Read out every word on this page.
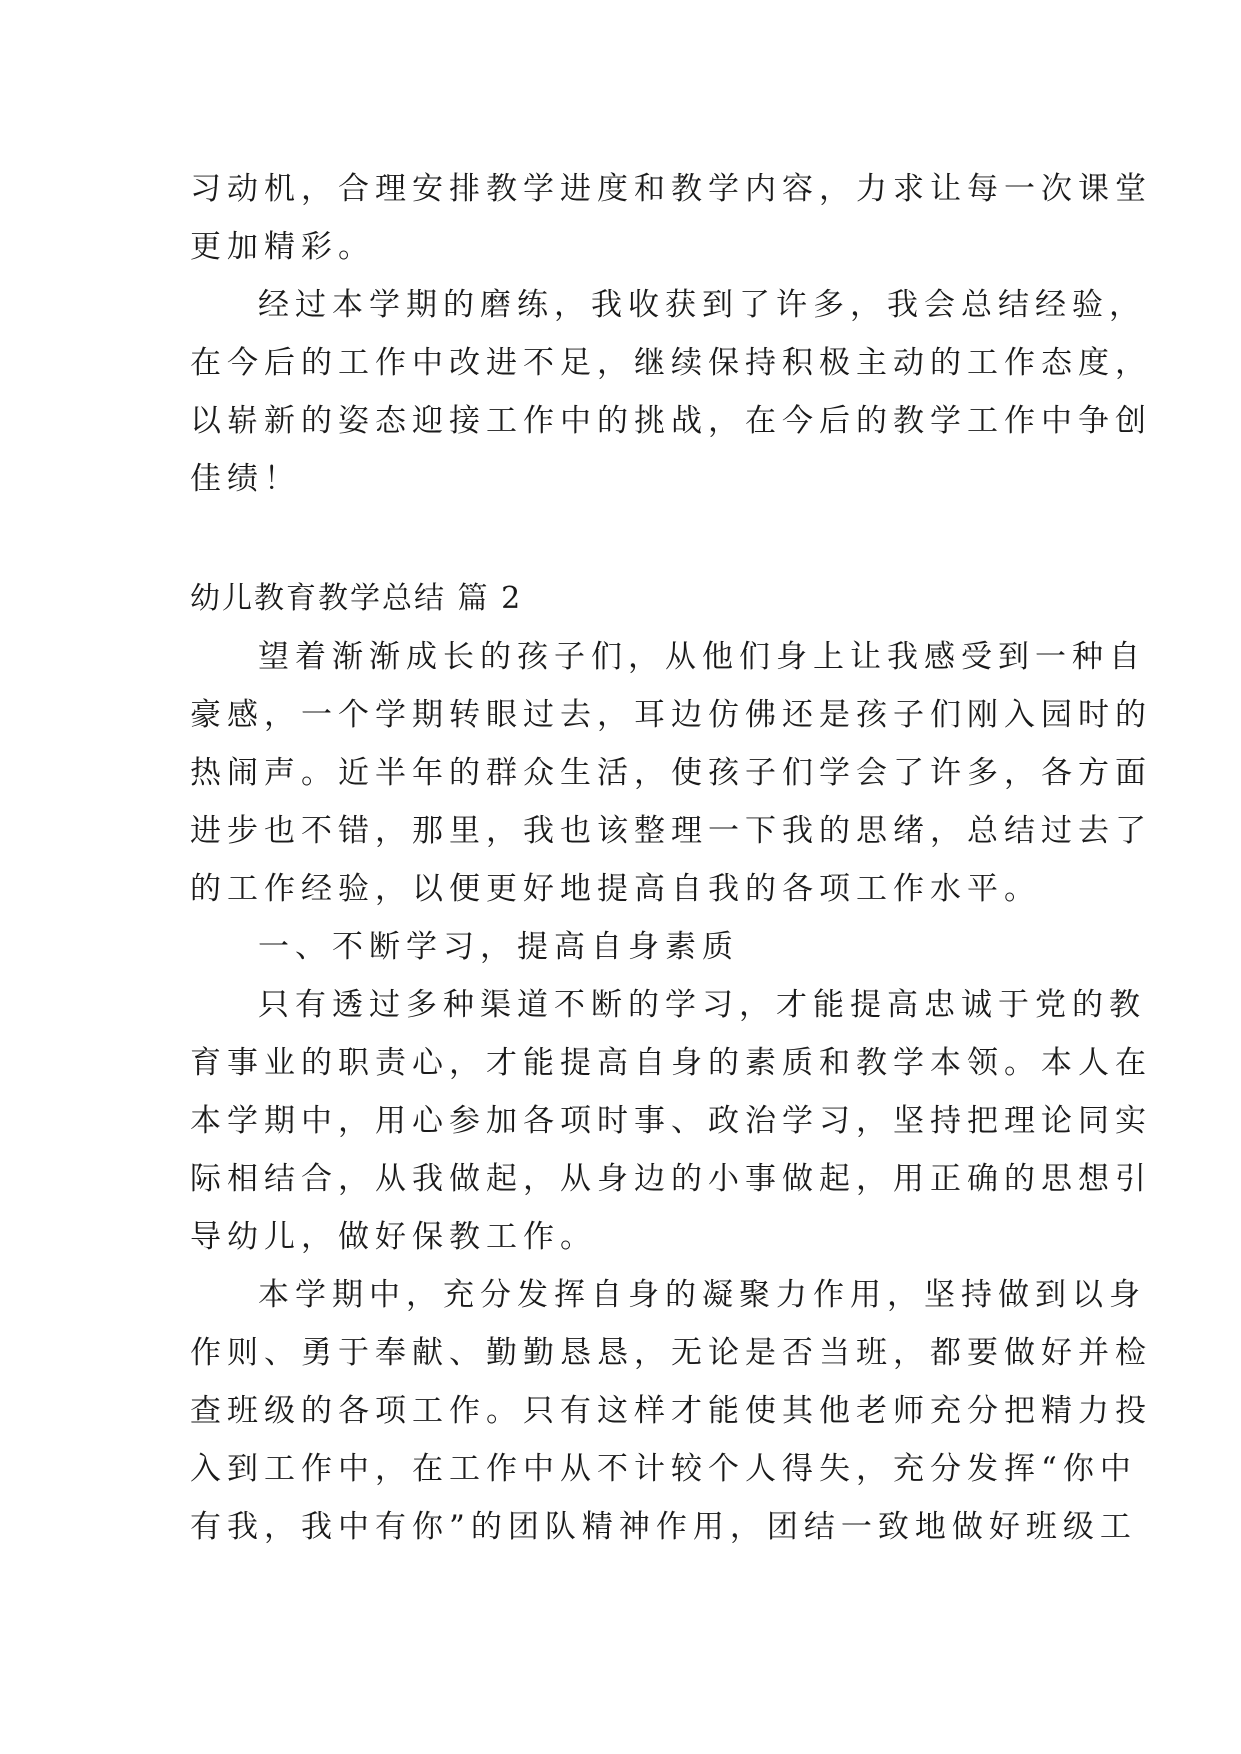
习动机，合理安排教学进度和教学内容，力求让每一次课堂
更加精彩。
经过本学期的磨练，我收获到了许多，我会总结经验，
在今后的工作中改进不足，继续保持积极主动的工作态度，
以崭新的姿态迎接工作中的挑战，在今后的教学工作中争创
佳绩！
幼儿教育教学总结 篇 2
望着渐渐成长的孩子们，从他们身上让我感受到一种自
豪感，一个学期转眼过去，耳边仿佛还是孩子们刚入园时的
热闹声。近半年的群众生活，使孩子们学会了许多，各方面
进步也不错，那里，我也该整理一下我的思绪，总结过去了
的工作经验，以便更好地提高自我的各项工作水平。
一、不断学习，提高自身素质
只有透过多种渠道不断的学习，才能提高忠诚于党的教
育事业的职责心，才能提高自身的素质和教学本领。本人在
本学期中，用心参加各项时事、政治学习，坚持把理论同实
际相结合，从我做起，从身边的小事做起，用正确的思想引
导幼儿，做好保教工作。
本学期中，充分发挥自身的凝聚力作用，坚持做到以身
作则、勇于奉献、勤勤恳恳，无论是否当班，都要做好并检
查班级的各项工作。只有这样才能使其他老师充分把精力投
入到工作中，在工作中从不计较个人得失，充分发挥“你中
有我，我中有你”的团队精神作用，团结一致地做好班级工
